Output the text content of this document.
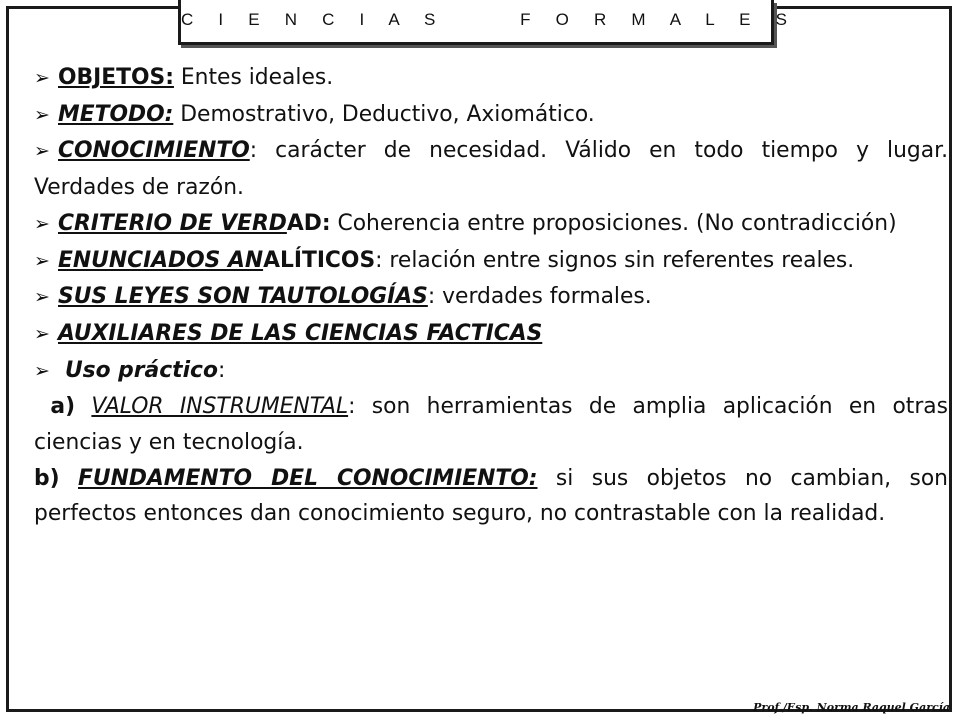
C I E N C I A S     F O R M A L E S

➢ OBJETOS: Entes ideales.

➢ METODO: Demostrativo, Deductivo, Axiomático.

➢ CONOCIMIENTO: carácter de necesidad. Válido en todo tiempo y lugar. Verdades de razón.

➢ CRITERIO DE VERDAD: Coherencia entre proposiciones. (No contradicción)

➢ ENUNCIADOS ANALÍTICOS: relación entre signos sin referentes reales.

➢ SUS LEYES SON TAUTOLOGÍAS: verdades formales.

➢ AUXILIARES DE LAS CIENCIAS FACTICAS

➢ Uso práctico:

a) VALOR INSTRUMENTAL: son herramientas de amplia aplicación en otras ciencias y en tecnología.

b) FUNDAMENTO DEL CONOCIMIENTO: si sus objetos no cambian, son perfectos entonces dan conocimiento seguro, no contrastable con la realidad.

Prof./Esp. Norma Raquel García
